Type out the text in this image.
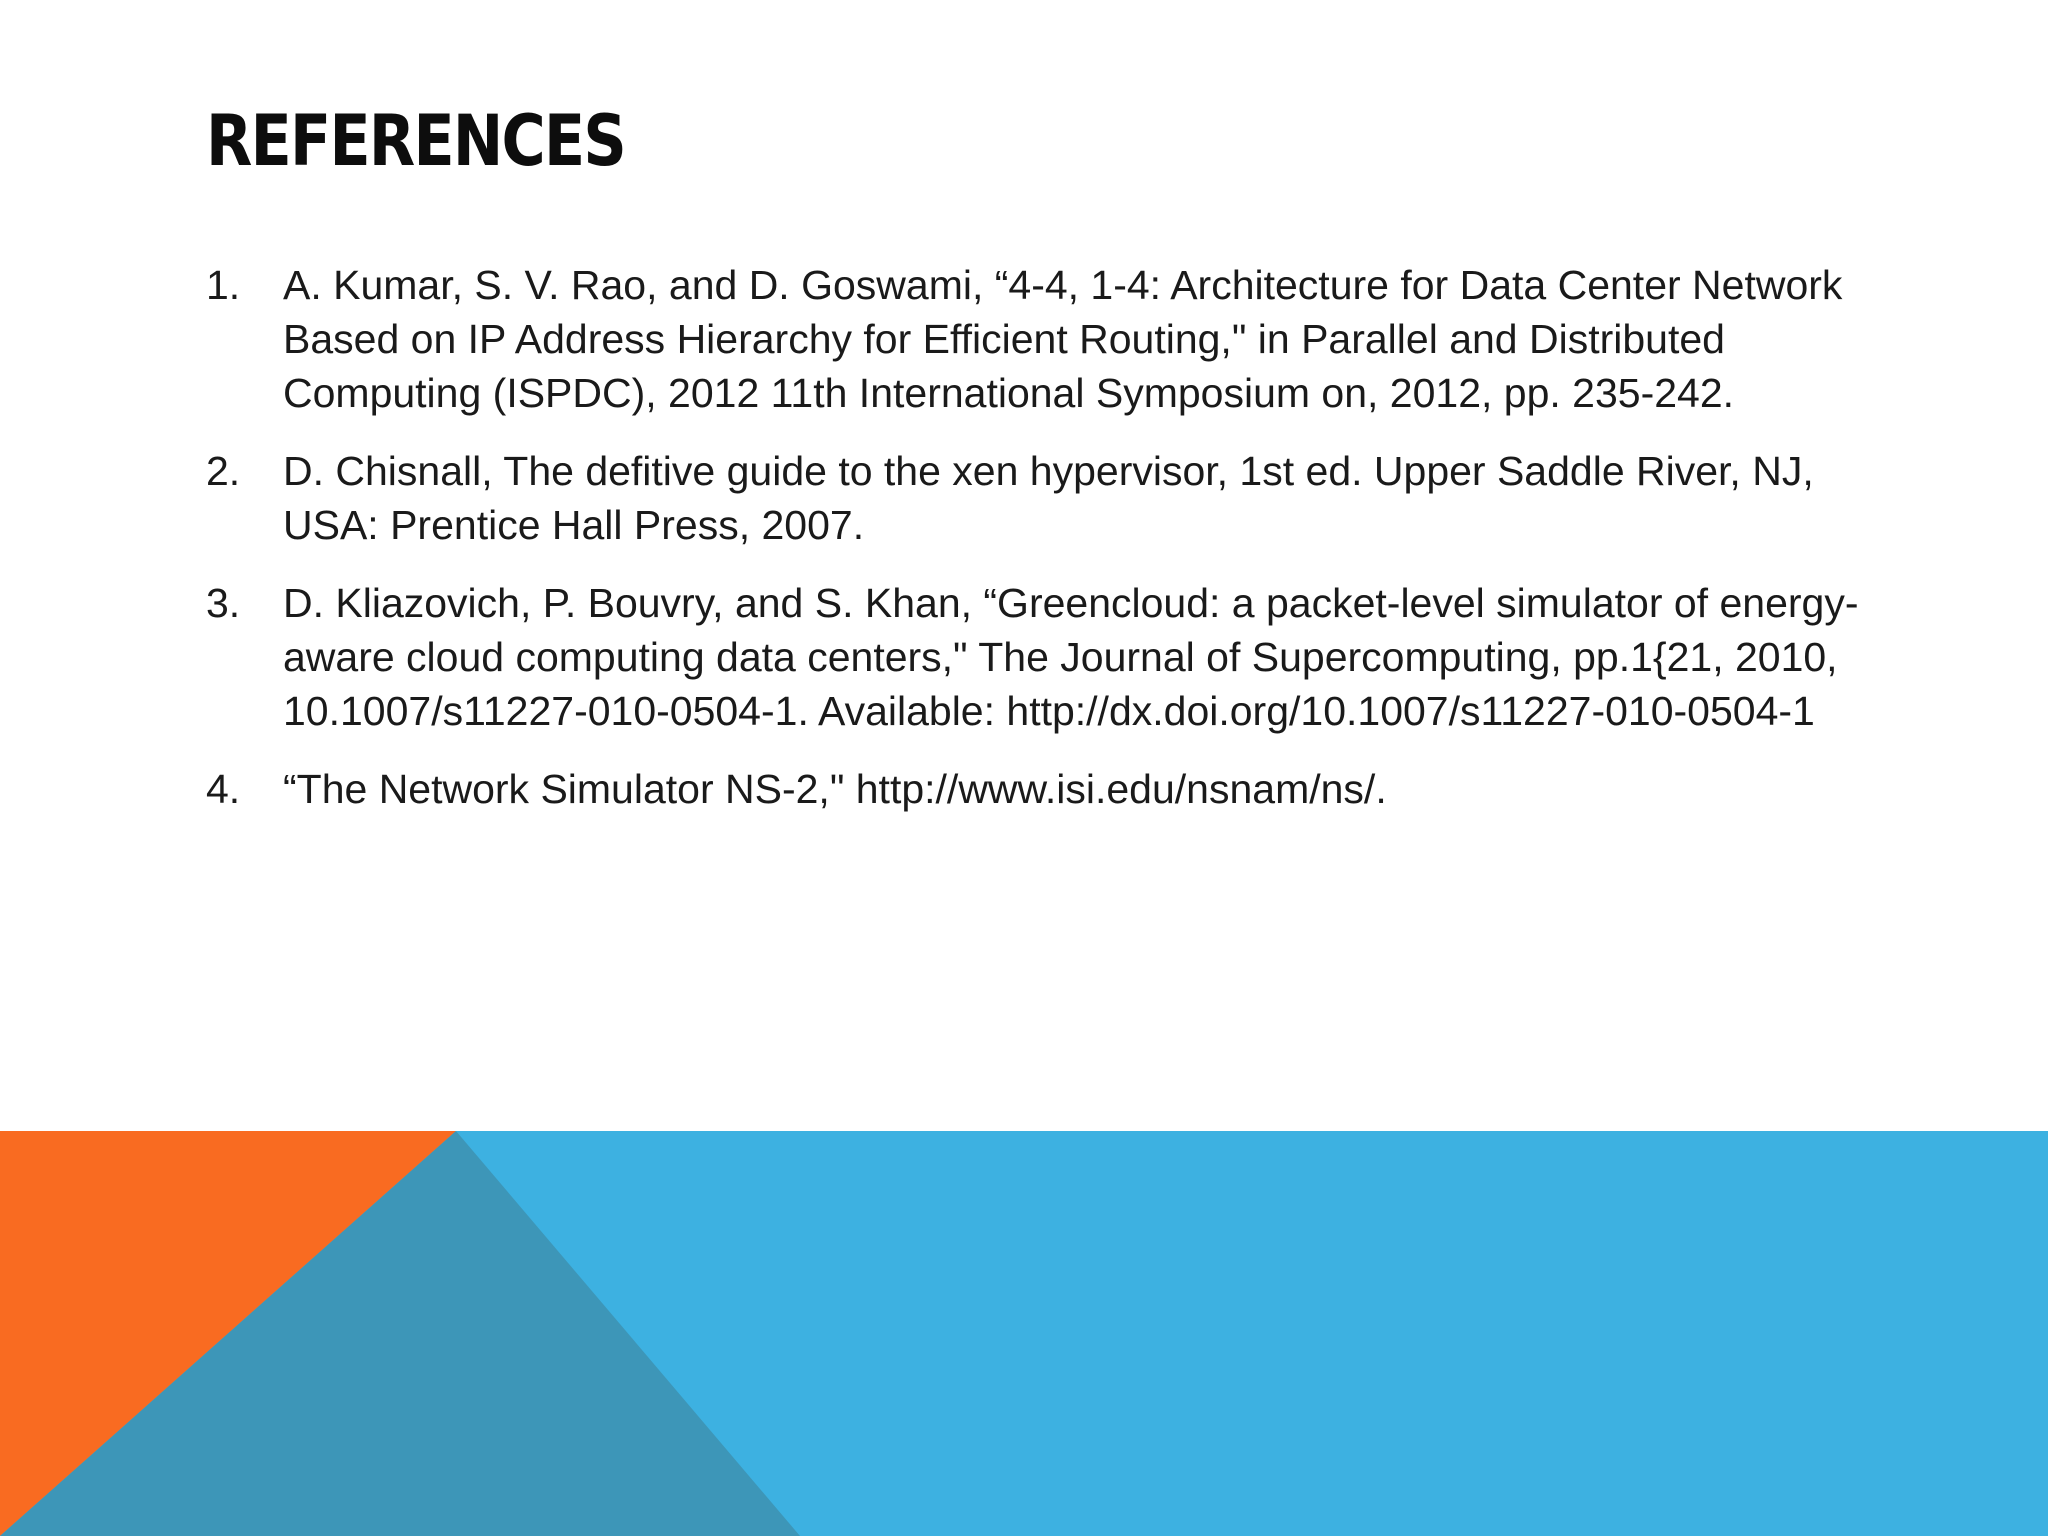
REFERENCES
1. A. Kumar, S. V. Rao, and D. Goswami, “4-4, 1-4: Architecture for Data Center Network Based on IP Address Hierarchy for Efficient Routing," in Parallel and Distributed Computing (ISPDC), 2012 11th International Symposium on, 2012, pp. 235-242.
2. D. Chisnall, The defitive guide to the xen hypervisor, 1st ed. Upper Saddle River, NJ, USA: Prentice Hall Press, 2007.
3. D. Kliazovich, P. Bouvry, and S. Khan, “Greencloud: a packet-level simulator of energy-aware cloud computing data centers," The Journal of Supercomputing, pp.1{21, 2010, 10.1007/s11227-010-0504-1. Available: http://dx.doi.org/10.1007/s11227-010-0504-1
4. “The Network Simulator NS-2," http://www.isi.edu/nsnam/ns/.
